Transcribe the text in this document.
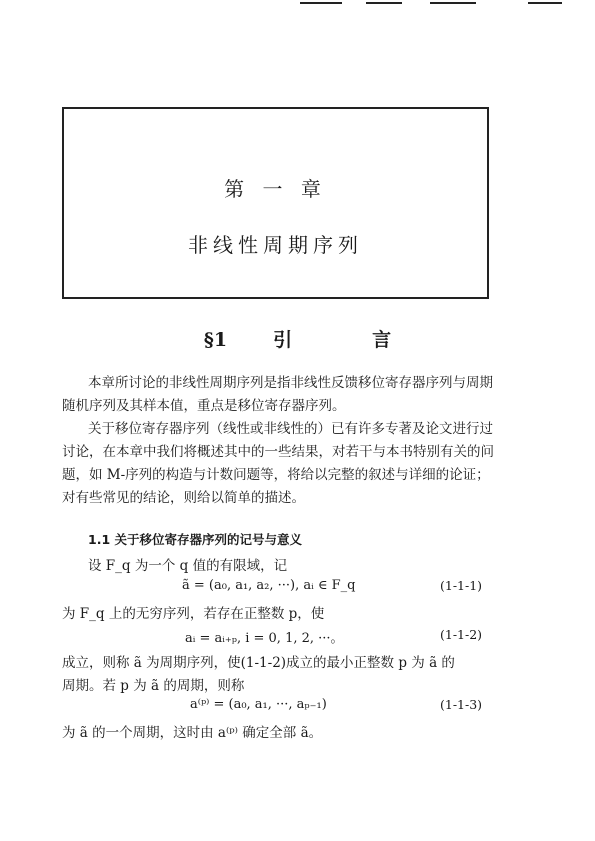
第 一 章
非线性周期序列
§1 引	言

本章所讨论的非线性周期序列是指非线性反馈移位寄存器序列与周期随机序列及其样本值，重点是移位寄存器序列。

关于移位寄存器序列（线性或非线性的）已有许多专著及论文进行过讨论，在本章中我们将概述其中的一些结果，对若干与本书特别有关的问题，如 M-序列的构造与计数问题等，将给以完整的叙述与详细的论证；对有些常见的结论，则给以简单的描述。

1.1 关于移位寄存器序列的记号与意义
设 F_q 为一个 q 值的有限域，记
ã = (a₀, a₁, a₂, ···), aᵢ ∈ F_q	(1-1-1)
为 F_q 上的无穷序列，若存在正整数 p，使
aᵢ = aᵢ₊ₚ, i = 0, 1, 2, ···。	(1-1-2)
成立，则称 ã 为周期序列，使(1-1-2)成立的最小正整数 p 为 ã 的
周期。若 p 为 ã 的周期，则称
a⁽ᵖ⁾ = (a₀, a₁, ···, aₚ₋₁)	(1-1-3)
为 ã 的一个周期，这时由 a⁽ᵖ⁾ 确定全部 ã。
